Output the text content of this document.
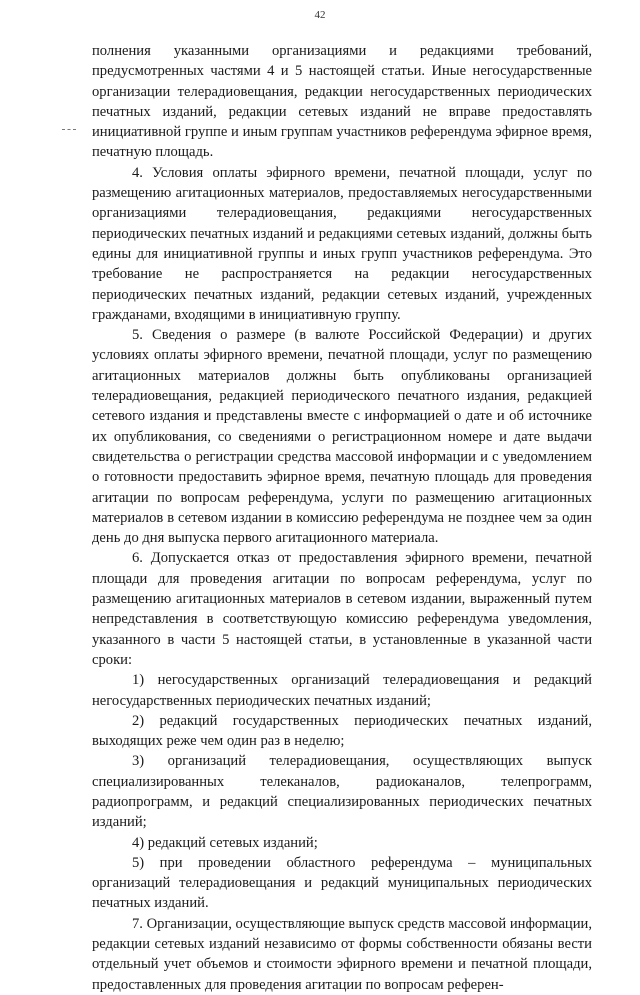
42

полнения указанными организациями и редакциями требований, предусмотренных частями 4 и 5 настоящей статьи. Иные негосударственные организации телерадиовещания, редакции негосударственных периодических печатных изданий, редакции сетевых изданий не вправе предоставлять инициативной группе и иным группам участников референдума эфирное время, печатную площадь.

4. Условия оплаты эфирного времени, печатной площади, услуг по размещению агитационных материалов, предоставляемых негосударственными организациями телерадиовещания, редакциями негосударственных периодических печатных изданий и редакциями сетевых изданий, должны быть едины для инициативной группы и иных групп участников референдума. Это требование не распространяется на редакции негосударственных периодических печатных изданий, редакции сетевых изданий, учрежденных гражданами, входящими в инициативную группу.

5. Сведения о размере (в валюте Российской Федерации) и других условиях оплаты эфирного времени, печатной площади, услуг по размещению агитационных материалов должны быть опубликованы организацией телерадиовещания, редакцией периодического печатного издания, редакцией сетевого издания и представлены вместе с информацией о дате и об источнике их опубликования, со сведениями о регистрационном номере и дате выдачи свидетельства о регистрации средства массовой информации и с уведомлением о готовности предоставить эфирное время, печатную площадь для проведения агитации по вопросам референдума, услуги по размещению агитационных материалов в сетевом издании в комиссию референдума не позднее чем за один день до дня выпуска первого агитационного материала.

6. Допускается отказ от предоставления эфирного времени, печатной площади для проведения агитации по вопросам референдума, услуг по размещению агитационных материалов в сетевом издании, выраженный путем непредставления в соответствующую комиссию референдума уведомления, указанного в части 5 настоящей статьи, в установленные в указанной части сроки:

1) негосударственных организаций телерадиовещания и редакций негосударственных периодических печатных изданий;

2) редакций государственных периодических печатных изданий, выходящих реже чем один раз в неделю;

3) организаций телерадиовещания, осуществляющих выпуск специализированных телеканалов, радиоканалов, телепрограмм, радиопрограмм, и редакций специализированных периодических печатных изданий;

4) редакций сетевых изданий;

5) при проведении областного референдума – муниципальных организаций телерадиовещания и редакций муниципальных периодических печатных изданий.

7. Организации, осуществляющие выпуск средств массовой информации, редакции сетевых изданий независимо от формы собственности обязаны вести отдельный учет объемов и стоимости эфирного времени и печатной площади, предоставленных для проведения агитации по вопросам референ-
